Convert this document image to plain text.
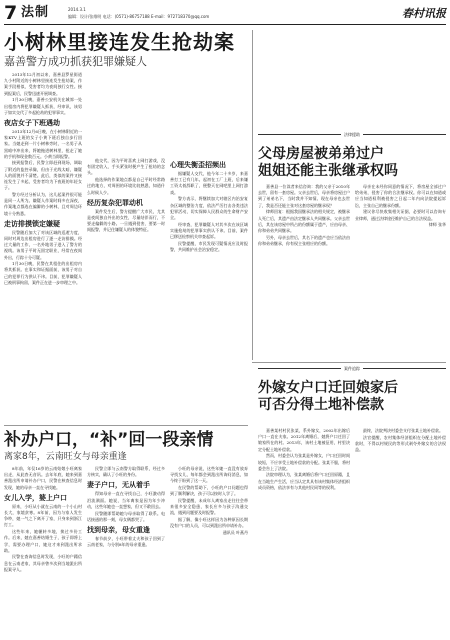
7 法制	2014.3.1
编辑：设计/张维明 电话：(0571)-86757188 E-mail：972718370@qq.com	春村讯报
小树林里接连发生抢劫案
嘉善警方成功抓获犯罪嫌疑人

2013年12月初以来，嘉善县罗星街道九小村附近的小树林里接连发生抢劫案，作案手段相似，受害者均为夜间独行女性。接到报案后，民警迅速开展调查。

1月30日晚，嘉善公安机关在城郊一处出租房内将犯罪嫌疑人抓获，经审讯，该男子如实交代了多起抢劫的犯罪事实。

夜店女子下班遇劫

2013年12月6日晚，在小树林附近的一家KTV上班的女子小黄下班后独自步行回家。当她走到一片小树林旁时，一名男子从黑暗中冲出来，将她拖进树林里，抢走了她的手机和现金数百元。小黄当即报警。

接到报警后，民警立即赶到现场，调取了附近的监控录像，但由于光线太暗，嫌疑人的面貌并不清楚。此后，类似的案件又接连发生了多起，受害者均为下夜班的年轻女子。

警方经过分析认为，这几起案件很可能是同一人所为。嫌疑人作案时间多在深夜，作案地点都选在偏僻的小树林，且对周边环境十分熟悉。

走访排摸锁定嫌疑

民警随后加大了对该区域的巡逻力度，同时对周边出租房进行了逐一走访排摸。经过大量的工作，一名外地男子进入了警方的视线。该男子平时无固定职业，经常在夜间外出，行踪十分可疑。

1月30日晚，民警在其租住的出租房内将其抓获。在事实和证据面前，该男子对自己的犯罪行为供认不讳。目前，犯罪嫌疑人已被刑事拘留，案件正在进一步审理之中。

他交代，因为平时喜欢上网打游戏，没有固定收入，手头紧张时便产生了抢劫的念头。

他选择的作案地点都是自己平时经常路过的地方，对周围的环境比较熟悉，知道什么时候人少。

经历复杂犯罪动机

案件发生后，警方提醒广大市民，尤其是夜间独自外出的女性，尽量结伴而行，不要走偏僻的小路。一旦遇到侵害，要第一时间报警，并记住嫌疑人的体貌特征。

心理失衡歪招频出

据嫌疑人交代，他今年二十多岁，来嘉善打工已有几年。起初在工厂上班，后来嫌工资太低辞职了，便整天在网吧里上网打游戏。

警方表示，将继续加大对辖区内治安复杂区域的整治力度，依法严厉打击各类违法犯罪活动，切实保障人民群众的生命财产安全。

经审查，犯罪嫌疑人对其多次在该区域实施抢劫的犯罪事实供认不讳。目前，案件已移送检察机关审查起诉。

民警提醒，市民发现可疑情况应及时报警，共同维护社会治安稳定。

法律援助
父母房屋被弟弟过户
姐姐还能主张继承权吗

嘉善县一位读者来信咨询：我的父亲于2010年去世，留有一套房屋。父亲去世后，母亲将房屋过户到了弟弟名下，当时我并不知情。现在母亲也去世了，我是否还能主张对这套房屋的继承权？

律师回复：根据我国继承法的相关规定，被继承人死亡后，其遗产由法定继承人共同继承。父亲去世后，其在该房屋中所占的份额属于遗产，应由母亲、你和弟弟共同继承。

另外，母亲去世后，其名下的遗产也应当依法由你和弟弟继承，你有权主张相应的份额。

母亲在未经你同意的情况下，将房屋全部过户给弟弟，侵害了你的合法继承权。你可以在知道或应当知道权利被侵害之日起二年内向法院提起诉讼，主张自己的继承份额。

建议你尽快收集相关证据，必要时可以咨询专业律师，通过法律途径维护自己的合法权益。

律师 张华
案件追踪
外嫁女户口迁回娘家后
可否分得土地补偿款

嘉善某村村民张某，系外嫁女，2002年出嫁后户口一直在夫家。2012年离婚后，她将户口迁回了娘家所在的村。2013年，该村土地被征用，村里决定分配土地补偿款。

然而，村委会认为张某是外嫁女，户口迁回时间较短，不应享受土地补偿款的分配。张某不服，将村委会告上了法院。

法院审理认为，张某离婚后将户口迁回原籍，且在当地生产生活，应当认定其具有该村集体经济组织成员资格，依法享有与其他村民同等的权利。

最终，法院判决村委会支付张某土地补偿款。

法官提醒，农村集体经济组织在分配土地补偿款时，不得以村规民约等形式剥夺外嫁女的合法权益。

补办户口，“补”回一段亲情
离家8年，云南旺女与母亲重逢

8年前，年仅16岁的云南姑娘小旺离家出走，从此杳无音讯。去年年底，她来到嘉善派出所申请补办户口，民警在核查信息时发现，她的母亲一直在寻找她。

女儿入学，婆上户口

原来，小旺从小就在云南的一个小山村长大，家境贫寒。8年前，因为与家人发生争吵，她一气之下离开了家，只身来到浙江打工。

这些年来，她辗转多地，换过多份工作。后来，她在嘉善结婚生子，孩子即将上学，需要办理户口，她这才来到派出所求助。

民警在查询信息时发现，小旺的户籍信息在云南老家，其母亲曾多次到当地派出所报案寻人。

民警立即与云南警方取得联系，经过多方核实，确认了小旺的身份。

妻子户口，无从着手

得知母亲一直在寻找自己，小旺激动得泪流满面。她说，当年离家是因为年少冲动，这些年她也一直想家，但又不敢回去。

民警随即帮助她与母亲取得了联系。电话接通的那一刻，母女俩都哭了。

找到母亲，母女重逢

春节前夕，小旺带着丈夫和孩子回到了云南老家，与分别8年的母亲重逢。

小旺的母亲说，这些年她一直没有放弃寻找女儿，每年都会到派出所询问消息，如今终于盼到了这一天。

在民警的帮助下，小旺的户口问题也得到了顺利解决，孩子可以按时入学了。

民警提醒，未成年人离家出走往往会带来很多安全隐患，家长应多与孩子沟通交流，遇到问题要及时报警。

据了解，像小旺这样因为各种原因长期没有户口的人员，可以到派出所申请补办。

通讯员 叶燕丹
